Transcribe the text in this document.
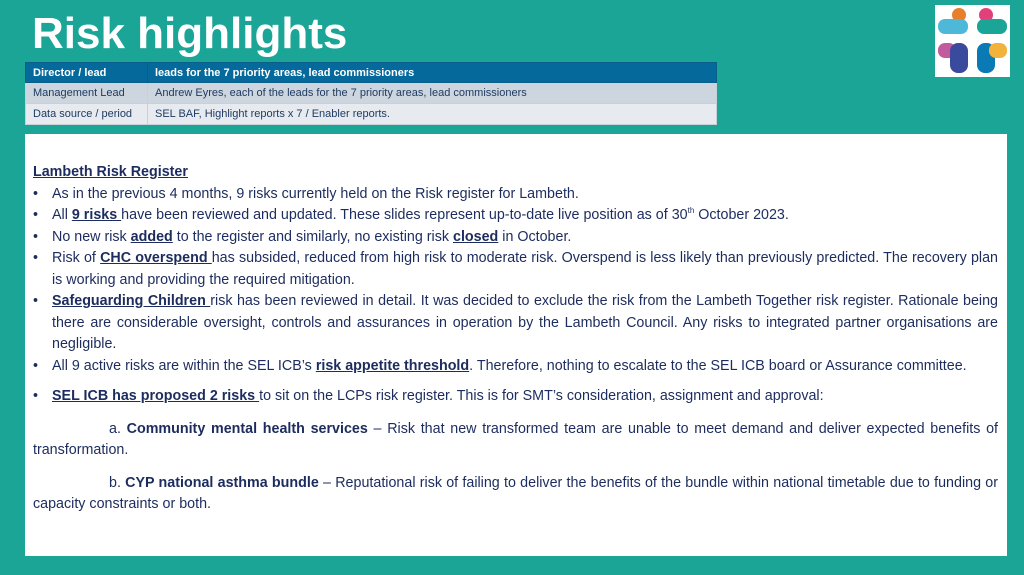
Risk highlights
Director / lead	leads for the 7 priority areas, lead commissioners
Management Lead	Andrew Eyres, each of the leads for the 7 priority areas, lead commissioners
Data source / period	SEL BAF, Highlight reports x 7 / Enabler reports.
Lambeth Risk Register
• As in the previous 4 months, 9 risks currently held on the Risk register for Lambeth.
• All 9 risks have been reviewed and updated. These slides represent up-to-date live position as of 30th October 2023.
• No new risk added to the register and similarly, no existing risk closed in October.
• Risk of CHC overspend has subsided, reduced from high risk to moderate risk. Overspend is less likely than previously predicted. The recovery plan is working and providing the required mitigation.
• Safeguarding Children risk has been reviewed in detail. It was decided to exclude the risk from the Lambeth Together risk register. Rationale being there are considerable oversight, controls and assurances in operation by the Lambeth Council. Any risks to integrated partner organisations are negligible.
• All 9 active risks are within the SEL ICB’s risk appetite threshold. Therefore, nothing to escalate to the SEL ICB board or Assurance committee.
• SEL ICB has proposed 2 risks to sit on the LCPs risk register. This is for SMT’s consideration, assignment and approval:
a. Community mental health services – Risk that new transformed team are unable to meet demand and deliver expected benefits of transformation.
b. CYP national asthma bundle – Reputational risk of failing to deliver the benefits of the bundle within national timetable due to funding or capacity constraints or both.
